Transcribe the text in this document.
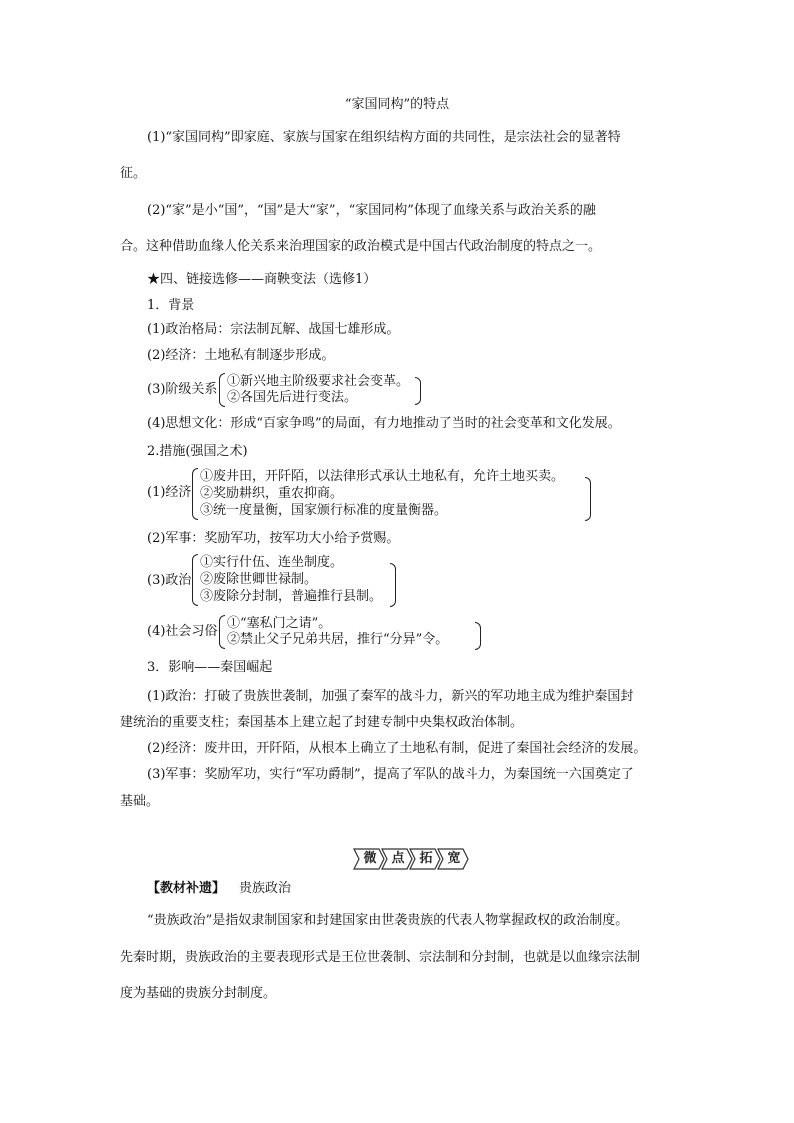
“家国同构”的特点
(1)“家国同构”即家庭、家族与国家在组织结构方面的共同性，是宗法社会的显著特
征。
(2)“家”是小“国”，“国”是大“家”，“家国同构”体现了血缘关系与政治关系的融
合。这种借助血缘人伦关系来治理国家的政治模式是中国古代政治制度的特点之一。
★四、链接选修——商鞅变法（选修1）
1．背景
(1)政治格局：宗法制瓦解、战国七雄形成。
(2)经济：土地私有制逐步形成。
(3)阶级关系
①新兴地主阶级要求社会变革。
②各国先后进行变法。
(4)思想文化：形成“百家争鸣”的局面，有力地推动了当时的社会变革和文化发展。
2.措施(强国之术)
(1)经济
①废井田，开阡陌，以法律形式承认土地私有，允许土地买卖。
②奖励耕织，重农抑商。
③统一度量衡，国家颁行标准的度量衡器。
(2)军事：奖励军功，按军功大小给予赏赐。
(3)政治
①实行什伍、连坐制度。
②废除世卿世禄制。
③废除分封制，普遍推行县制。
(4)社会习俗
①“塞私门之请”。
②禁止父子兄弟共居，推行“分异”令。
3．影响——秦国崛起
(1)政治：打破了贵族世袭制，加强了秦军的战斗力，新兴的军功地主成为维护秦国封
建统治的重要支柱；秦国基本上建立起了封建专制中央集权政治体制。
(2)经济：废井田，开阡陌，从根本上确立了土地私有制，促进了秦国社会经济的发展。
(3)军事：奖励军功，实行“军功爵制”，提高了军队的战斗力，为秦国统一六国奠定了
基础。
微	点	拓	宽
【教材补遗】 贵族政治
“贵族政治”是指奴隶制国家和封建国家由世袭贵族的代表人物掌握政权的政治制度。
先秦时期，贵族政治的主要表现形式是王位世袭制、宗法制和分封制，也就是以血缘宗法制
度为基础的贵族分封制度。
